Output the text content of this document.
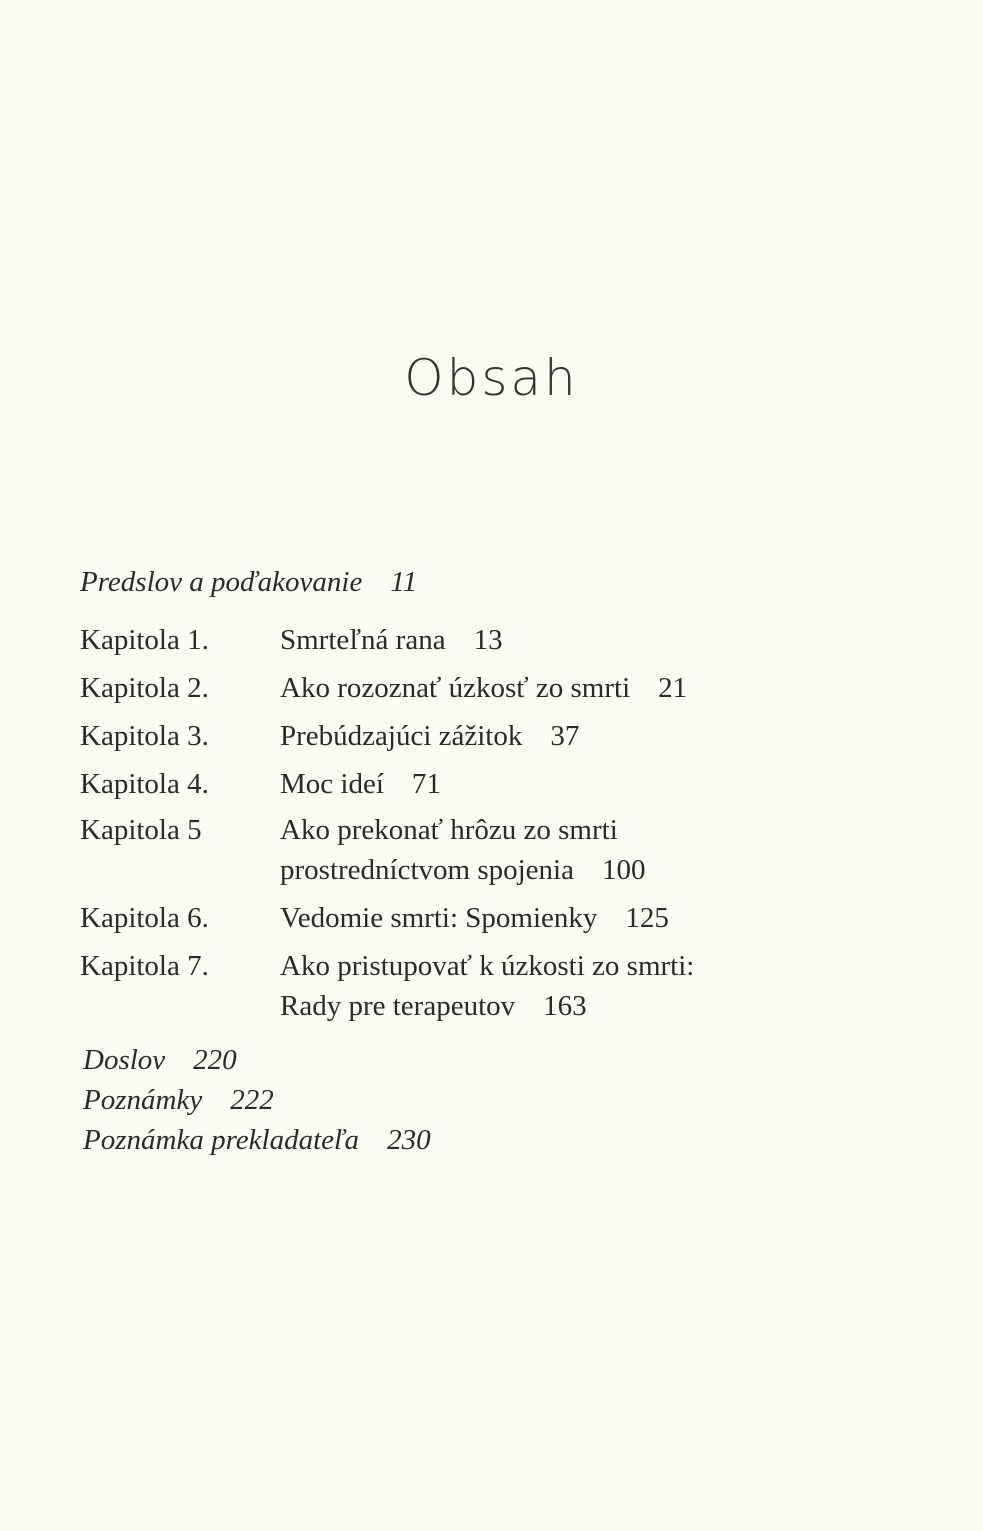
Obsah
Predslov a poďakovanie 11
Kapitola 1. Smrteľná rana 13
Kapitola 2. Ako rozoznať úzkosť zo smrti 21
Kapitola 3. Prebúdzajúci zážitok 37
Kapitola 4. Moc ideí 71
Kapitola 5	Ako prekonať hrôzu zo smrti
prostredníctvom spojenia 100
Kapitola 6. Vedomie smrti: Spomienky 125
Kapitola 7. Ako pristupovať k úzkosti zo smrti:
Rady pre terapeutov 163
Doslov 220
Poznámky 222
Poznámka prekladateľa 230
